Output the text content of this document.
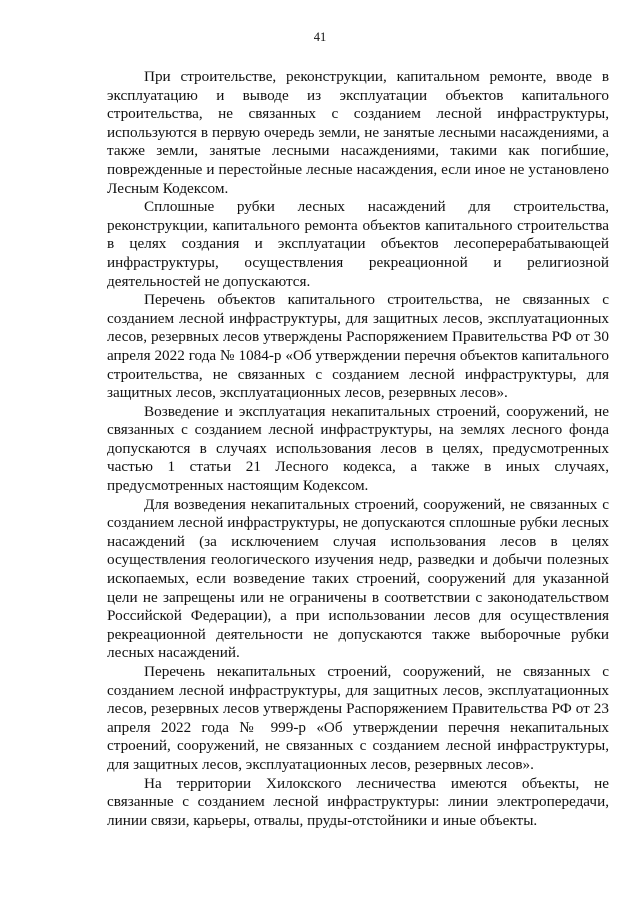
41

При строительстве, реконструкции, капитальном ремонте, вводе в эксплуатацию и выводе из эксплуатации объектов капитального строительства, не связанных с созданием лесной инфраструктуры, используются в первую очередь земли, не занятые лесными насаждениями, а также земли, занятые лесными насаждениями, такими как погибшие, поврежденные и перестойные лесные насаждения, если иное не установлено Лесным Кодексом.

Сплошные рубки лесных насаждений для строительства, реконструкции, капитального ремонта объектов капитального строительства в целях создания и эксплуатации объектов лесоперерабатывающей инфраструктуры, осуществления рекреационной и религиозной деятельностей не допускаются.

Перечень объектов капитального строительства, не связанных с созданием лесной инфраструктуры, для защитных лесов, эксплуатационных лесов, резервных лесов утверждены Распоряжением Правительства РФ от 30 апреля 2022 года № 1084-р «Об утверждении перечня объектов капитального строительства, не связанных с созданием лесной инфраструктуры, для защитных лесов, эксплуатационных лесов, резервных лесов».

Возведение и эксплуатация некапитальных строений, сооружений, не связанных с созданием лесной инфраструктуры, на землях лесного фонда допускаются в случаях использования лесов в целях, предусмотренных частью 1 статьи 21 Лесного кодекса, а также в иных случаях, предусмотренных настоящим Кодексом.

Для возведения некапитальных строений, сооружений, не связанных с созданием лесной инфраструктуры, не допускаются сплошные рубки лесных насаждений (за исключением случая использования лесов в целях осуществления геологического изучения недр, разведки и добычи полезных ископаемых, если возведение таких строений, сооружений для указанной цели не запрещены или не ограничены в соответствии с законодательством Российской Федерации), а при использовании лесов для осуществления рекреационной деятельности не допускаются также выборочные рубки лесных насаждений.

Перечень некапитальных строений, сооружений, не связанных с созданием лесной инфраструктуры, для защитных лесов, эксплуатационных лесов, резервных лесов утверждены Распоряжением Правительства РФ от 23 апреля 2022 года № 999-р «Об утверждении перечня некапитальных строений, сооружений, не связанных с созданием лесной инфраструктуры, для защитных лесов, эксплуатационных лесов, резервных лесов».

На территории Хилокского лесничества имеются объекты, не связанные с созданием лесной инфраструктуры: линии электропередачи, линии связи, карьеры, отвалы, пруды-отстойники и иные объекты.
